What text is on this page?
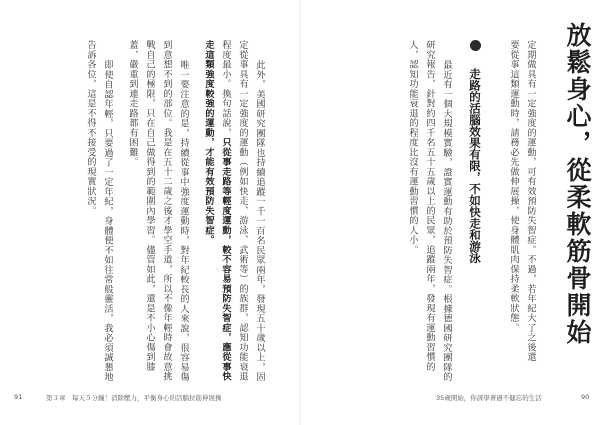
放鬆身心，從柔軟筋骨開始

定期做具有一定強度的運動，可有效預防失智症。不過，若年紀大了之後還

要從事這類運動時，請務必先做伸展操，使身體肌肉保持柔軟狀態。

走路的活腦效果有限，不如快走和游泳

最近有一個大規模實驗，證實運動有助於預防失智症。根據德國研究團隊的

研究報告，針對約四千名五十五歲以上的民眾，追蹤兩年，發現有運動習慣的

人，認知功能衰退的程度比沒有運動習慣的人小。

35歲開始，你該學著過不健忘的生活	90

此外，美國研究團隊也持續追蹤一千一百名民眾兩年，發現五十歲以上，固

定從事具有一定強度的運動（例如快走、游泳、武術等）的族群，認知功能衰退

程度最小。換句話說，只從事走路等輕度運動，較不容易預防失智症，應從事快

走這類強度較強的運動，才能有效預防失智症。

唯一要注意的是，持續從事中強度運動時，對年紀較長的人來說，很容易傷

到意想不到的部位。我是在五十二歲之後才學空手道，所以不像年輕時會故意挑

戰自己的極限，只在自己做得到的範圍內學習。儘管如此，還是不小心傷到膝

蓋，嚴重到連走路都有困難。

即使自認年輕，只要過了一定年紀，身體便不如往常般靈活，我必須誠懇地

告訴各位，這是不得不接受的現實狀況。

91	第３章　每天５分鐘！消除壓力，平衡身心的活腦拉筋伸展操
